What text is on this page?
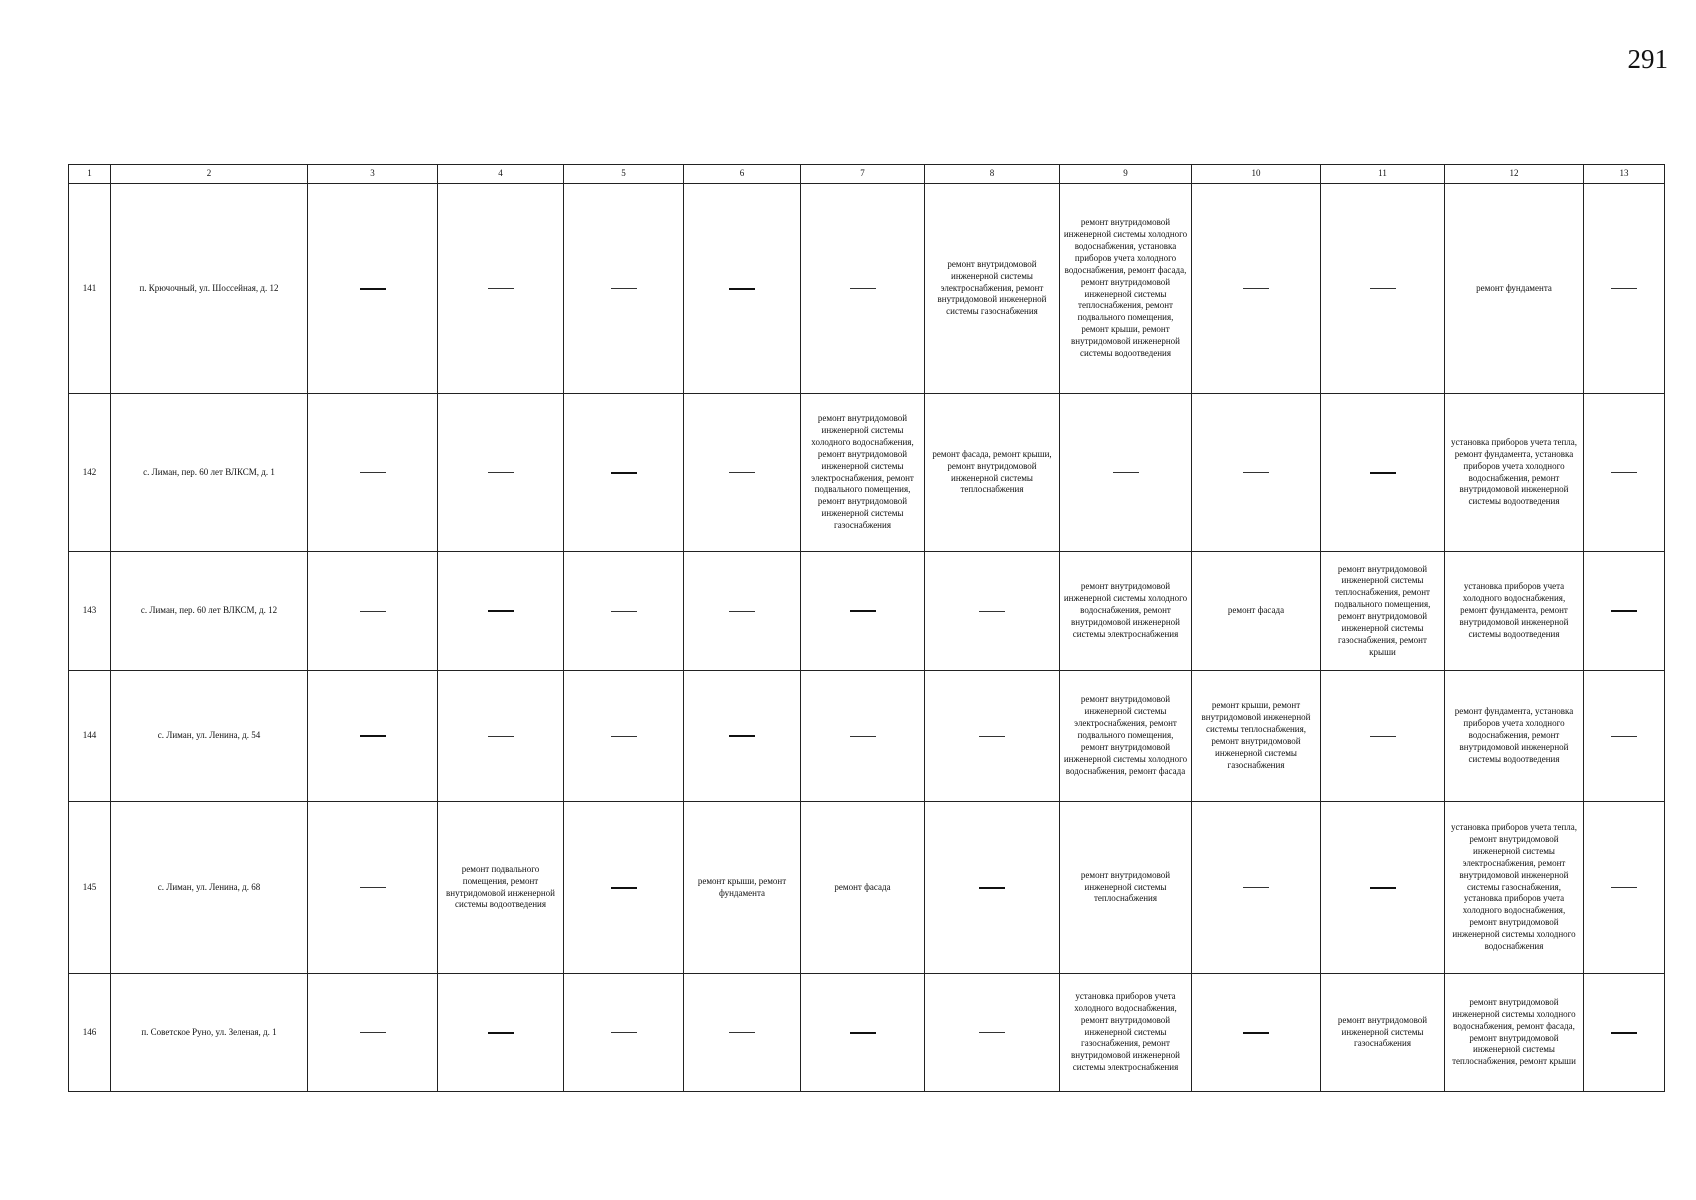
291
1	2	3	4	5	6	7	8	9	10	11	12	13
141	п. Крючочный, ул. Шоссейная, д. 12						ремонт внутридомовой инженерной системы электроснабжения, ремонт внутридомовой инженерной системы газоснабжения	ремонт внутридомовой инженерной системы холодного водоснабжения, установка приборов учета холодного водоснабжения, ремонт фасада, ремонт внутридомовой инженерной системы теплоснабжения, ремонт подвального помещения, ремонт крыши, ремонт внутридомовой инженерной системы водоотведения			ремонт фундамента	

142	с. Лиман, пер. 60 лет ВЛКСМ, д. 1					ремонт внутридомовой инженерной системы холодного водоснабжения, ремонт внутридомовой инженерной системы электроснабжения, ремонт подвального помещения, ремонт внутридомовой инженерной системы газоснабжения	ремонт фасада, ремонт крыши, ремонт внутридомовой инженерной системы теплоснабжения				установка приборов учета тепла, ремонт фундамента, установка приборов учета холодного водоснабжения, ремонт внутридомовой инженерной системы водоотведения	

143	с. Лиман, пер. 60 лет ВЛКСМ, д. 12							ремонт внутридомовой инженерной системы холодного водоснабжения, ремонт внутридомовой инженерной системы электроснабжения	ремонт фасада	ремонт внутридомовой инженерной системы теплоснабжения, ремонт подвального помещения, ремонт внутридомовой инженерной системы газоснабжения, ремонт крыши	установка приборов учета холодного водоснабжения, ремонт фундамента, ремонт внутридомовой инженерной системы водоотведения	

144	с. Лиман, ул. Ленина, д. 54							ремонт внутридомовой инженерной системы электроснабжения, ремонт подвального помещения, ремонт внутридомовой инженерной системы холодного водоснабжения, ремонт фасада	ремонт крыши, ремонт внутридомовой инженерной системы теплоснабжения, ремонт внутридомовой инженерной системы газоснабжения		ремонт фундамента, установка приборов учета холодного водоснабжения, ремонт внутридомовой инженерной системы водоотведения	

145	с. Лиман, ул. Ленина, д. 68		ремонт подвального помещения, ремонт внутридомовой инженерной системы водоотведения		ремонт крыши, ремонт фундамента	ремонт фасада		ремонт внутридомовой инженерной системы теплоснабжения			установка приборов учета тепла, ремонт внутридомовой инженерной системы электроснабжения, ремонт внутридомовой инженерной системы газоснабжения, установка приборов учета холодного водоснабжения, ремонт внутридомовой инженерной системы холодного водоснабжения	

146	п. Советское Руно, ул. Зеленая, д. 1							установка приборов учета холодного водоснабжения, ремонт внутридомовой инженерной системы газоснабжения, ремонт внутридомовой инженерной системы электроснабжения		ремонт внутридомовой инженерной системы газоснабжения	ремонт внутридомовой инженерной системы холодного водоснабжения, ремонт фасада, ремонт внутридомовой инженерной системы теплоснабжения, ремонт крыши	
